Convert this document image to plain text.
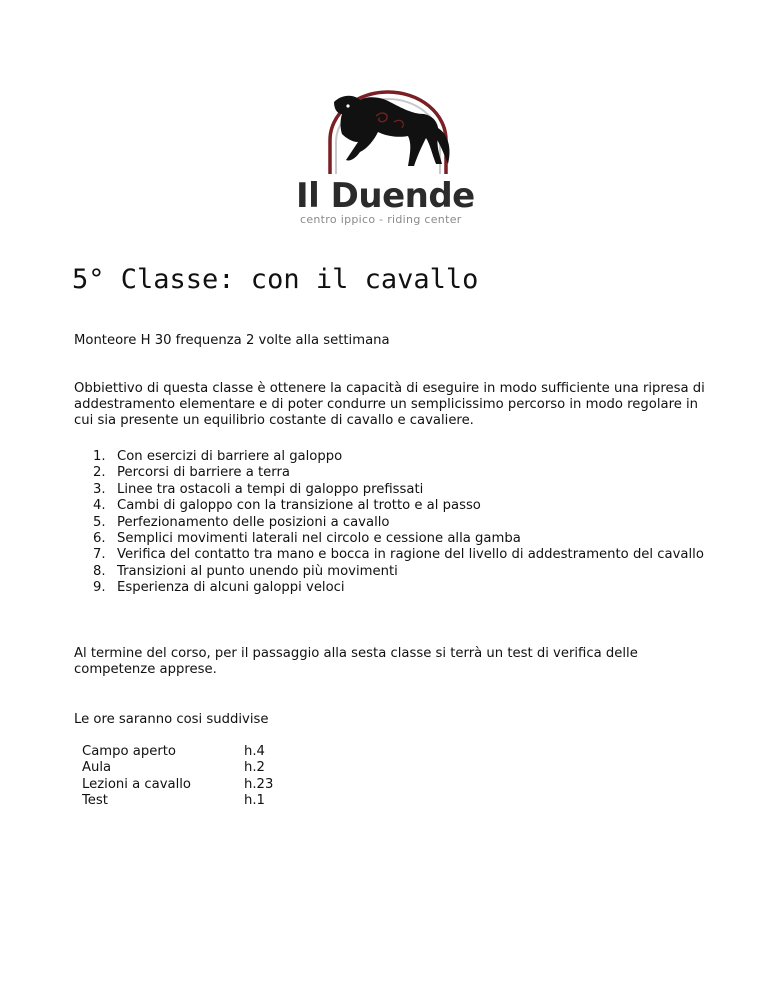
Il Duende
centro ippico - riding center
5° Classe: con il cavallo

Monteore H 30 frequenza 2 volte alla settimana

Obbiettivo di questa classe è ottenere la capacità di eseguire in modo sufficiente una ripresa di addestramento elementare e di poter condurre un semplicissimo percorso in modo regolare in cui sia presente un equilibrio costante di cavallo e cavaliere.

1. Con esercizi di barriere al galoppo
2. Percorsi di barriere a terra
3. Linee tra ostacoli a tempi di galoppo prefissati
4. Cambi di galoppo con la transizione al trotto e al passo
5. Perfezionamento delle posizioni a cavallo
6. Semplici movimenti laterali nel circolo e cessione alla gamba
7. Verifica del contatto tra mano e bocca in ragione del livello di addestramento del cavallo
8. Transizioni al punto unendo più movimenti
9. Esperienza di alcuni galoppi veloci

Al termine del corso, per il passaggio alla sesta classe si terrà un test di verifica delle competenze apprese.

Le ore saranno cosi suddivise

Campo aperto	h.4
Aula	h.2
Lezioni a cavallo	h.23
Test	h.1
